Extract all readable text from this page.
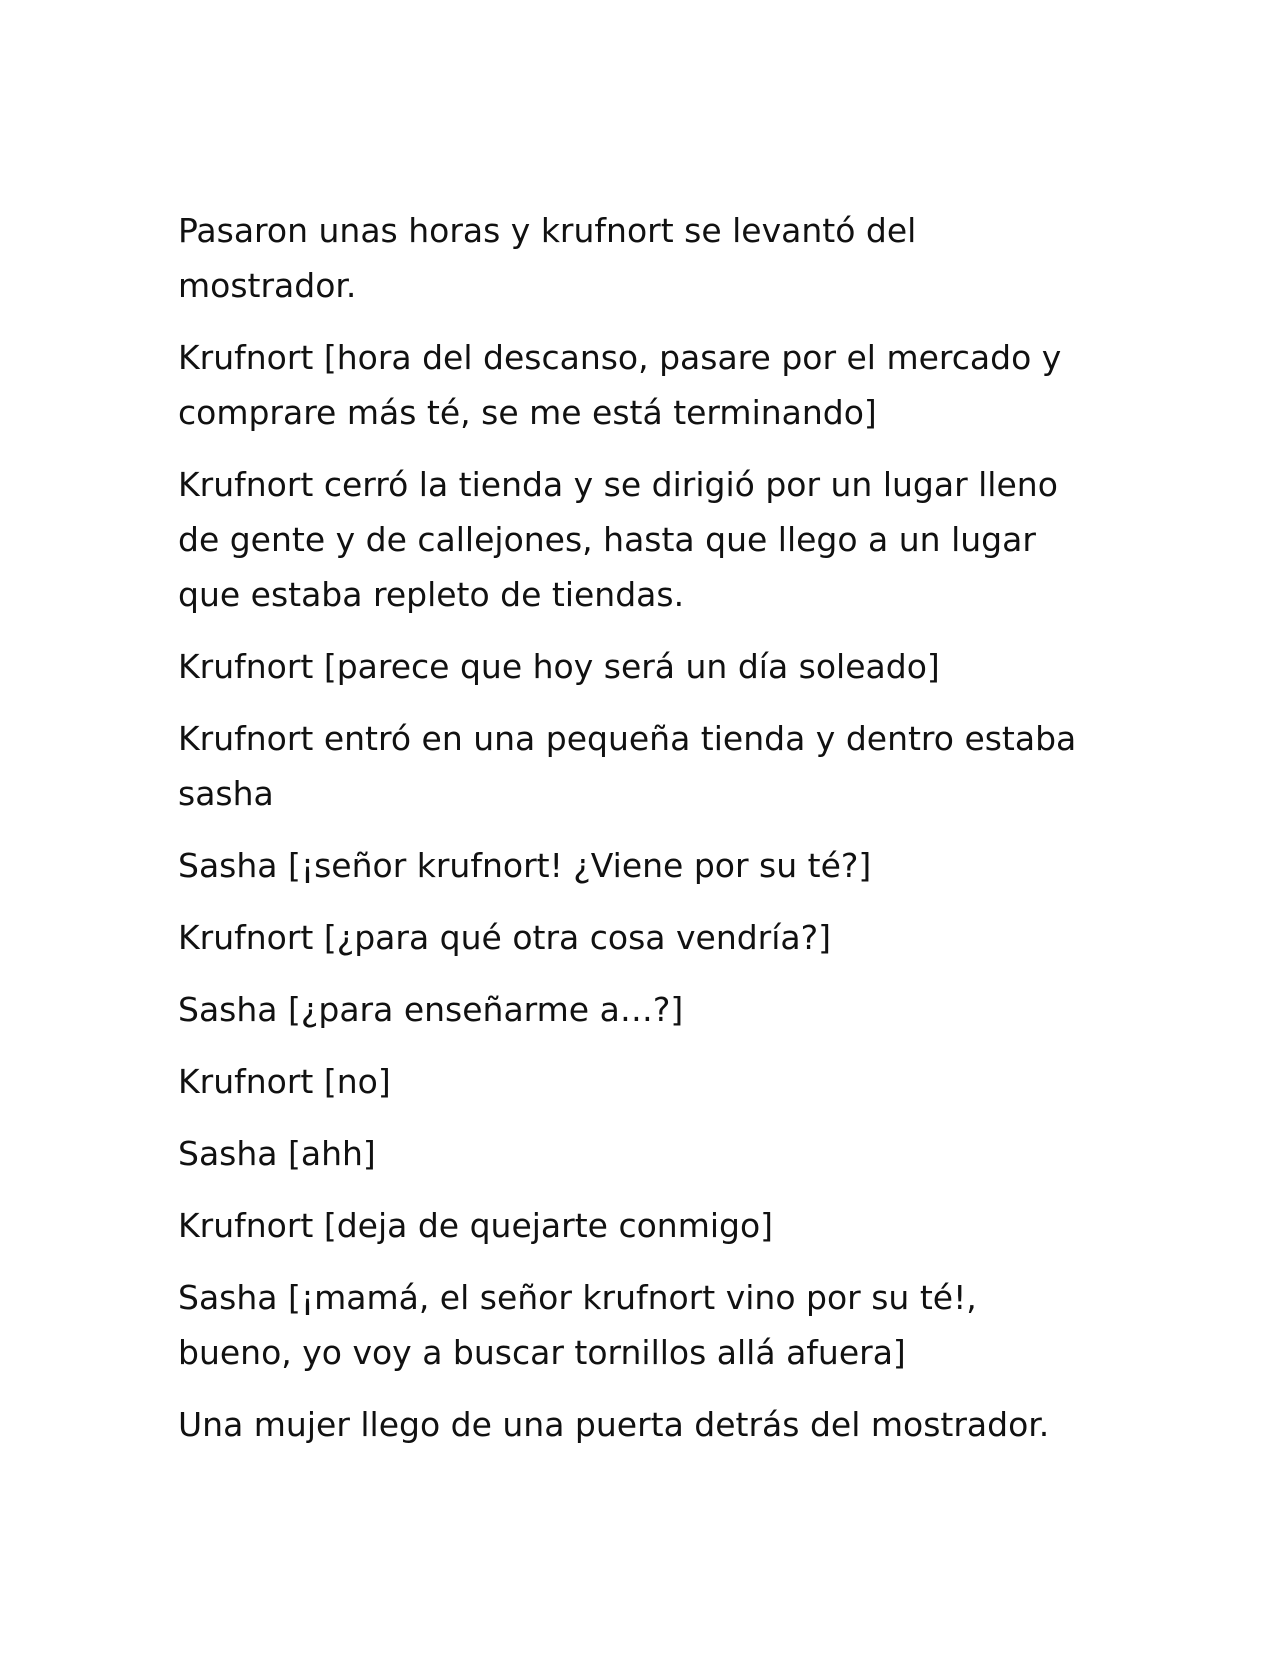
Pasaron unas horas y krufnort se levantó del mostrador.

Krufnort [hora del descanso, pasare por el mercado y comprare más té, se me está terminando]

Krufnort cerró la tienda y se dirigió por un lugar lleno de gente y de callejones, hasta que llego a un lugar que estaba repleto de tiendas.

Krufnort [parece que hoy será un día soleado]

Krufnort entró en una pequeña tienda y dentro estaba sasha

Sasha [¡señor krufnort! ¿Viene por su té?]

Krufnort [¿para qué otra cosa vendría?]

Sasha [¿para enseñarme a…?]

Krufnort [no]

Sasha [ahh]

Krufnort [deja de quejarte conmigo]

Sasha [¡mamá, el señor krufnort vino por su té!, bueno, yo voy a buscar tornillos allá afuera]

Una mujer llego de una puerta detrás del mostrador.
